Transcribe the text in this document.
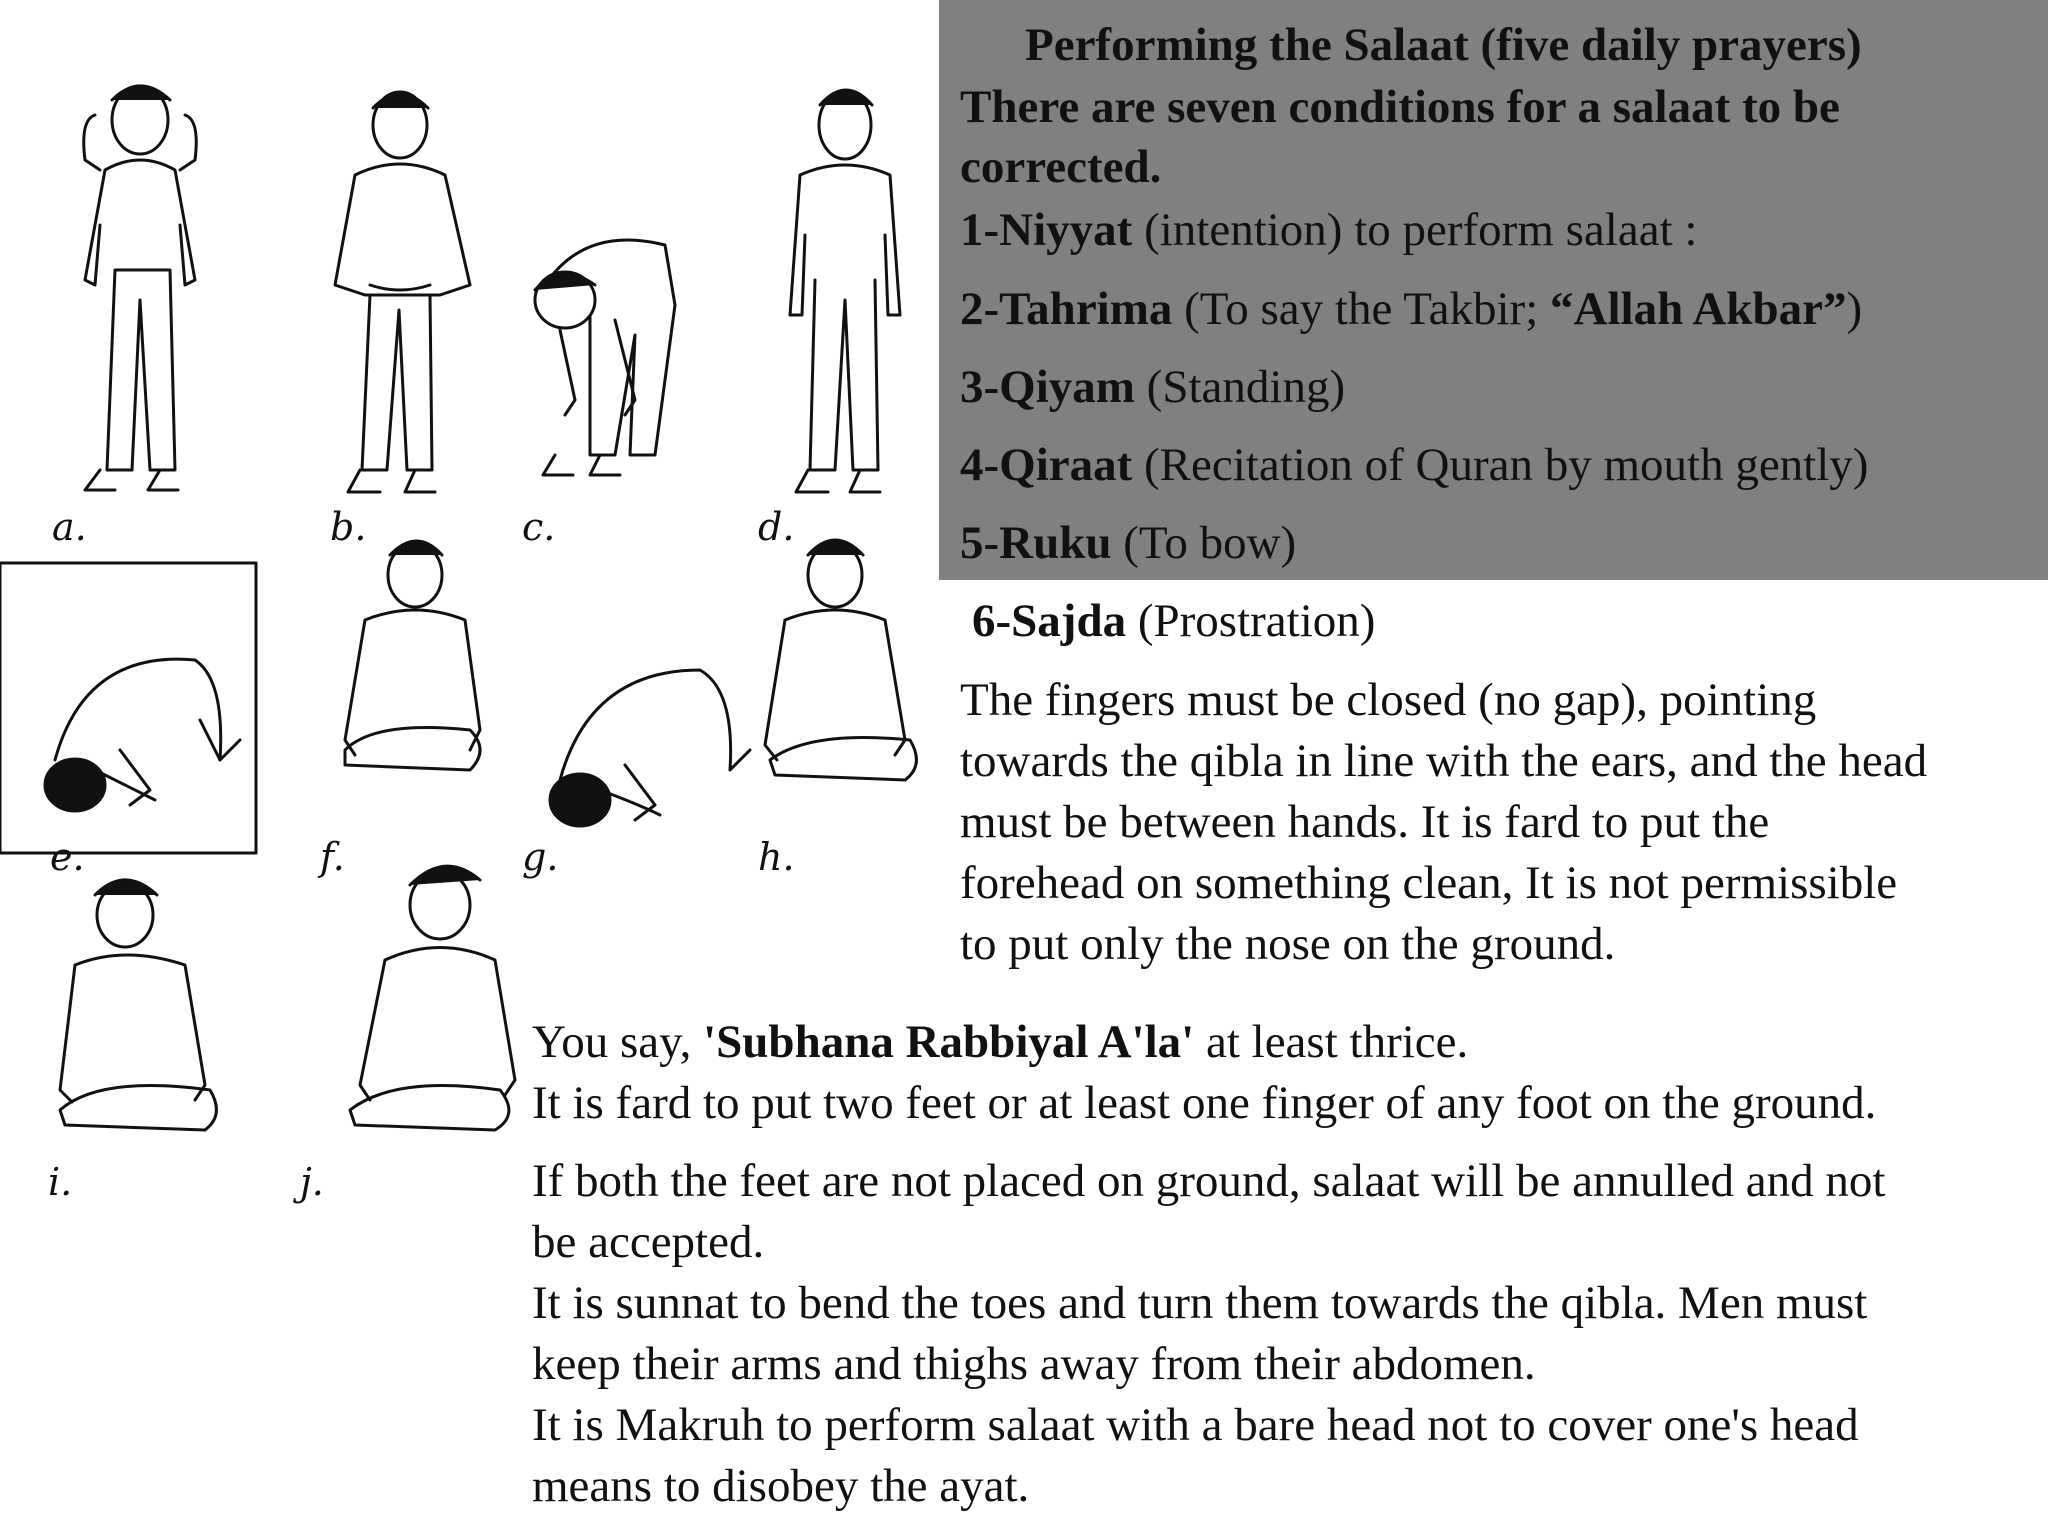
a.	b.	c.	d.
e.	f.	g.	h.
i.	j.
Performing the Salaat (five daily prayers)
There are seven conditions for a salaat to be
corrected.
1-Niyyat (intention) to perform salaat :
2-Tahrima (To say the Takbir; “Allah Akbar”)
3-Qiyam (Standing)
4-Qiraat (Recitation of Quran by mouth gently)
5-Ruku (To bow)
6-Sajda (Prostration)
The fingers must be closed (no gap), pointing
towards the qibla in line with the ears, and the head
must be between hands. It is fard to put the
forehead on something clean, It is not permissible
to put only the nose on the ground.
You say, 'Subhana Rabbiyal A'la' at least thrice.
It is fard to put two feet or at least one finger of any foot on the ground.
If both the feet are not placed on ground, salaat will be annulled and not
be accepted.
It is sunnat to bend the toes and turn them towards the qibla. Men must
keep their arms and thighs away from their abdomen.
It is Makruh to perform salaat with a bare head not to cover one's head
means to disobey the ayat.
